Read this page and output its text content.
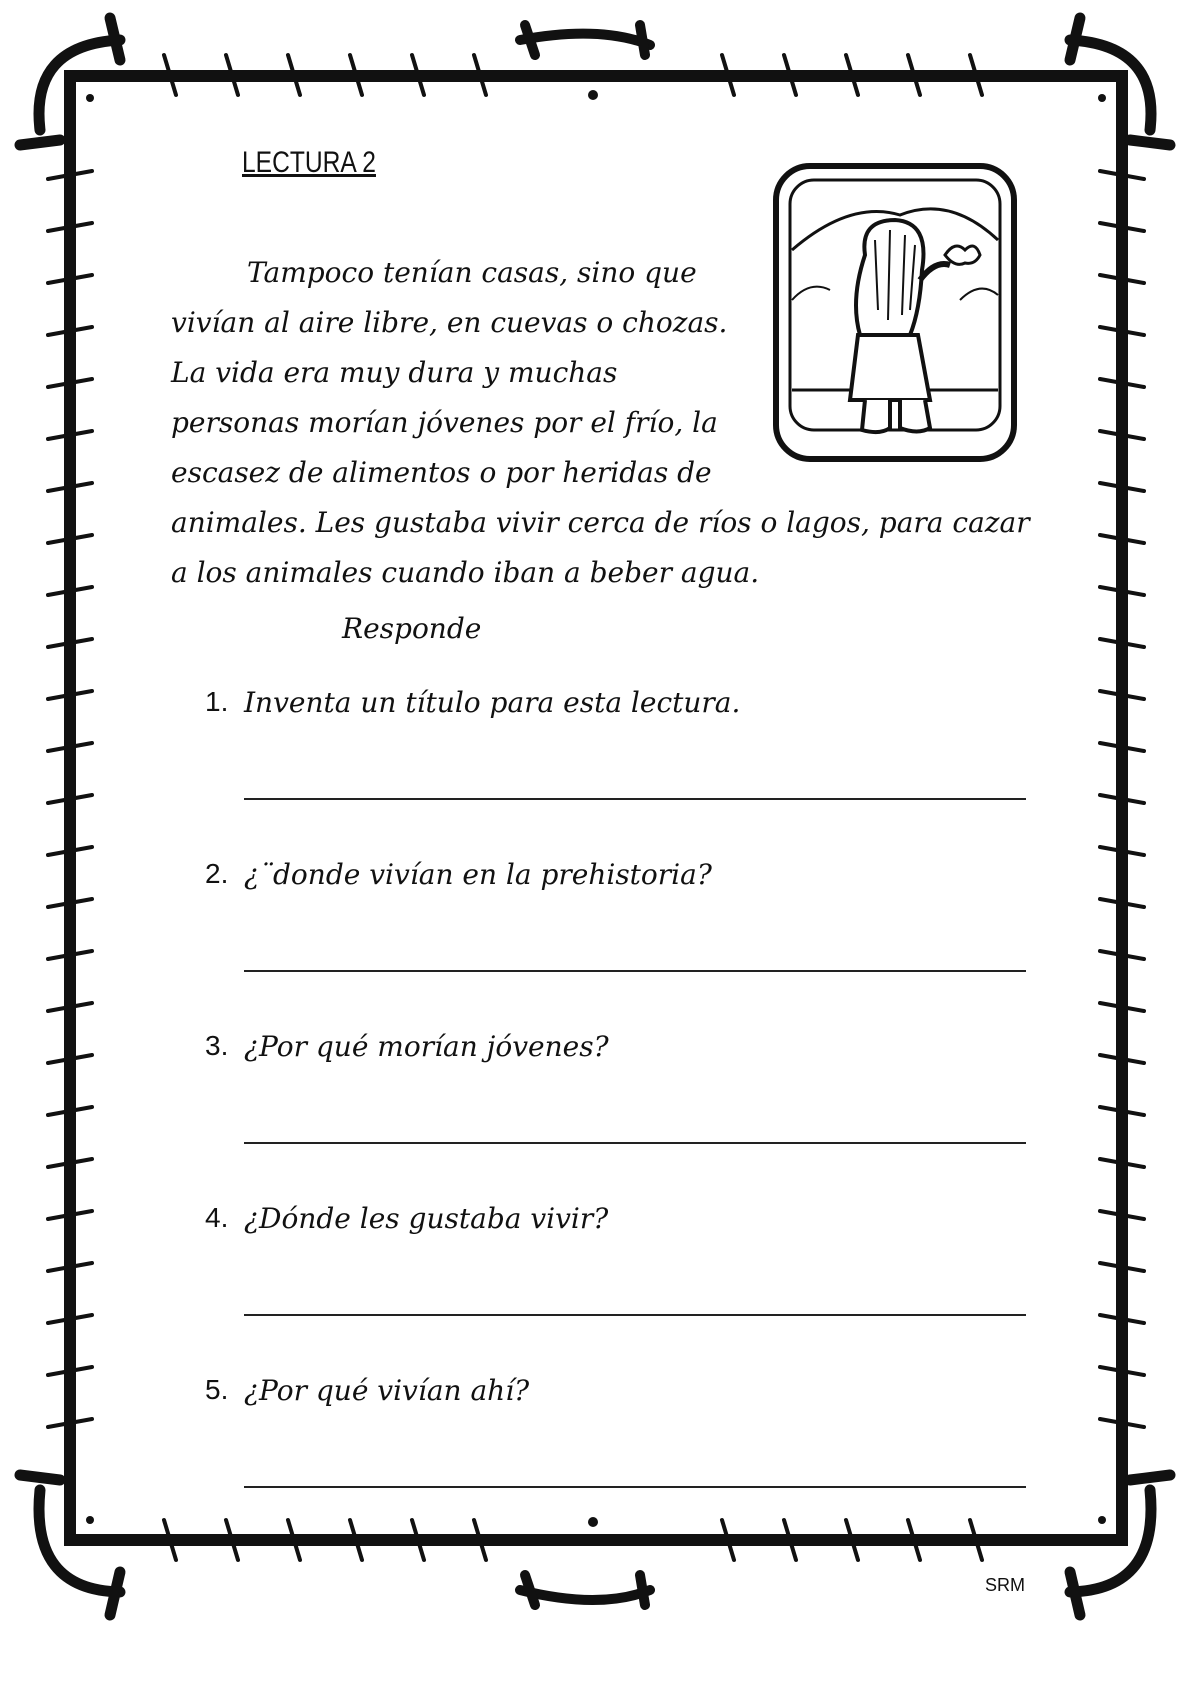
LECTURA 2
Tampoco tenían casas, sino que
vivían al aire libre, en cuevas o chozas.
La vida era muy dura y muchas
personas morían jóvenes por el frío, la
escasez de alimentos o por heridas de
animales. Les gustaba vivir cerca de ríos o lagos, para cazar
a los animales cuando iban a beber agua.
Responde
1. Inventa un título para esta lectura.
2. ¿¨donde vivían en la prehistoria?
3. ¿Por qué morían jóvenes?
4. ¿Dónde les gustaba vivir?
5. ¿Por qué vivían ahí?
SRM
